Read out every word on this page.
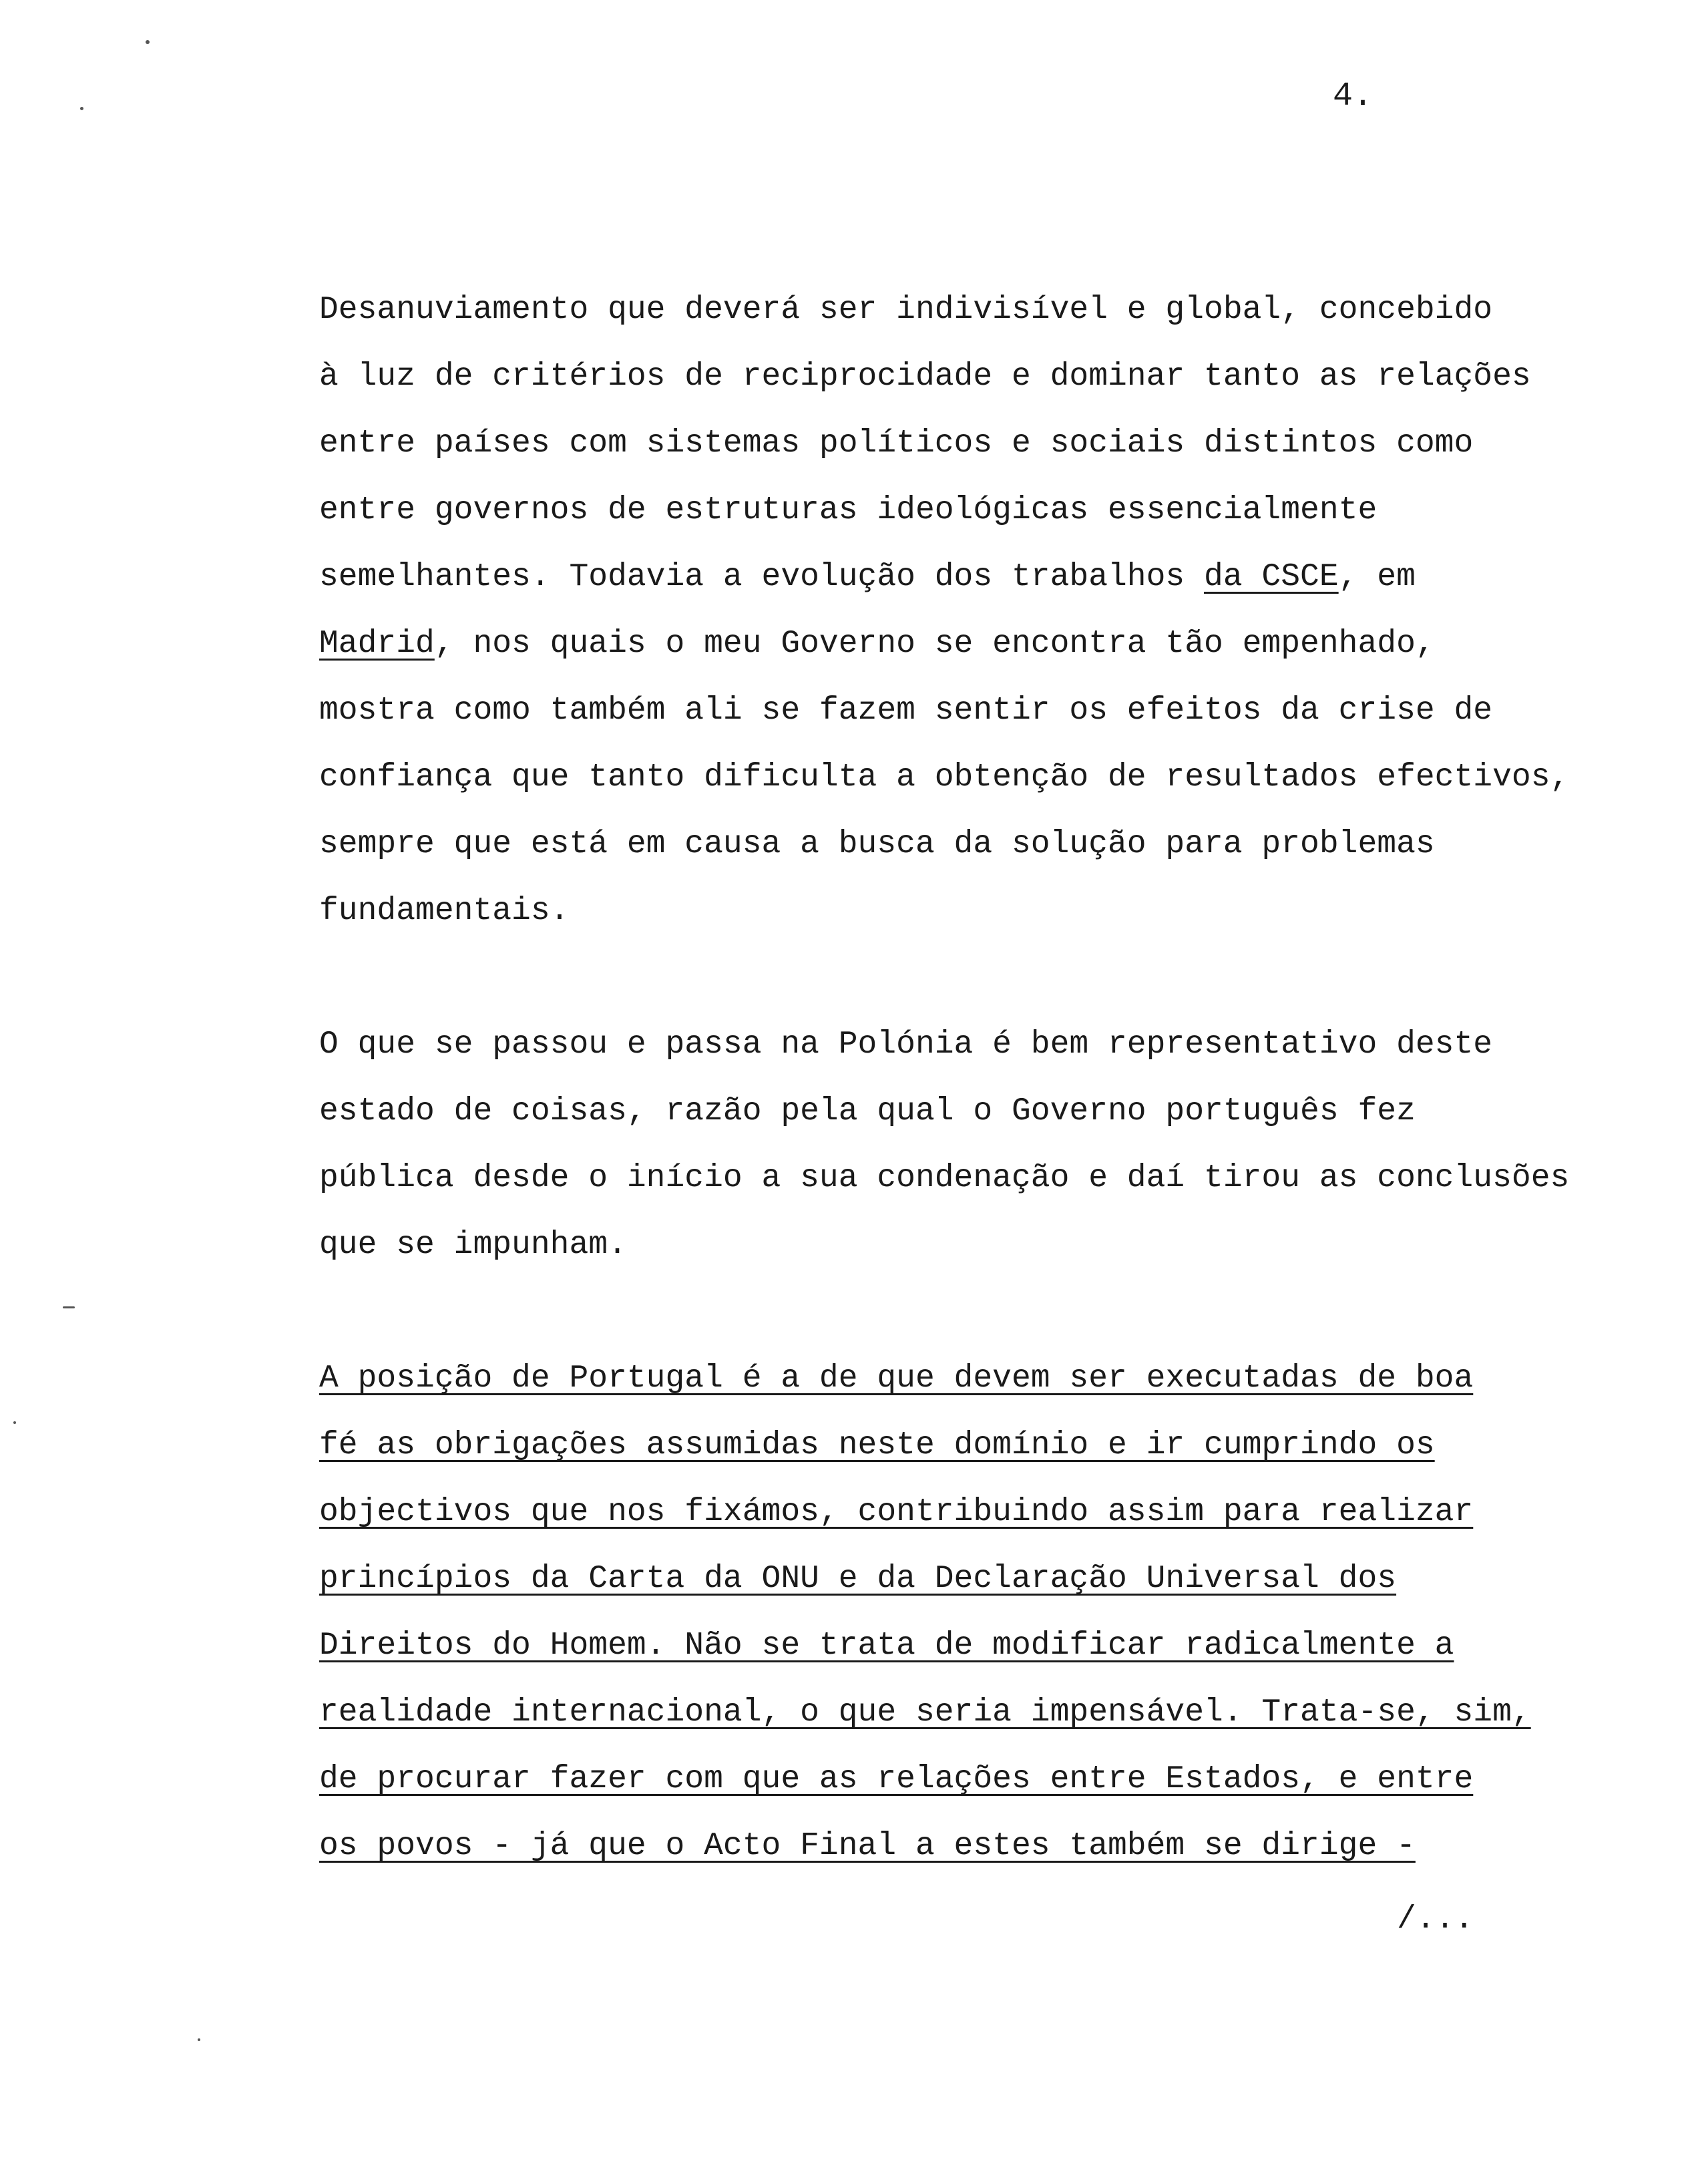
4.
Desanuviamento que deverá ser indivisível e global, concebido
à luz de critérios de reciprocidade e dominar tanto as relações
entre países com sistemas políticos e sociais distintos como
entre governos de estruturas ideológicas essencialmente
semelhantes. Todavia a evolução dos trabalhos da CSCE, em
Madrid, nos quais o meu Governo se encontra tão empenhado,
mostra como também ali se fazem sentir os efeitos da crise de
confiança que tanto dificulta a obtenção de resultados efectivos,
sempre que está em causa a busca da solução para problemas
fundamentais.
O que se passou e passa na Polónia é bem representativo deste
estado de coisas, razão pela qual o Governo português fez
pública desde o início a sua condenação e daí tirou as conclusões
que se impunham.
A posição de Portugal é a de que devem ser executadas de boa
fé as obrigações assumidas neste domínio e ir cumprindo os
objectivos que nos fixámos, contribuindo assim para realizar
princípios da Carta da ONU e da Declaração Universal dos
Direitos do Homem. Não se trata de modificar radicalmente a
realidade internacional, o que seria impensável. Trata-se, sim,
de procurar fazer com que as relações entre Estados, e entre
os povos - já que o Acto Final a estes também se dirige -
/...
